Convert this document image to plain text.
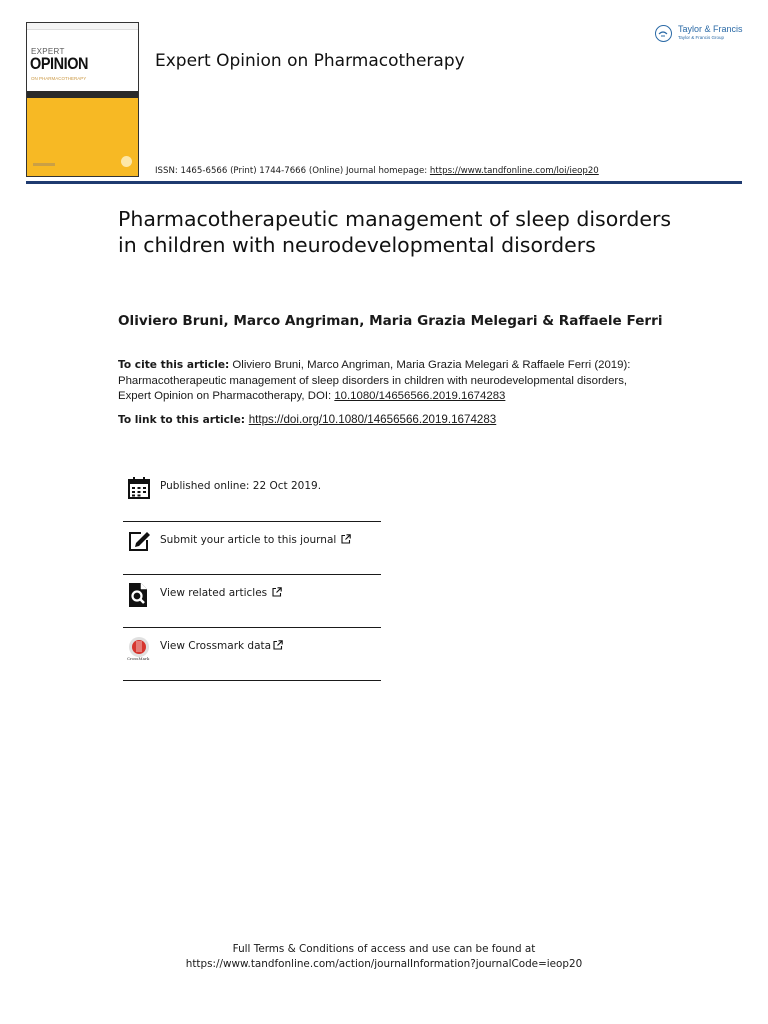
EXPERT
OPINION
ON PHARMACOTHERAPY
Expert Opinion on Pharmacotherapy
Taylor & Francis
Taylor & Francis Group
ISSN: 1465-6566 (Print) 1744-7666 (Online) Journal homepage: https://www.tandfonline.com/loi/ieop20
Pharmacotherapeutic management of sleep disorders in children with neurodevelopmental disorders
Oliviero Bruni, Marco Angriman, Maria Grazia Melegari & Raffaele Ferri
To cite this article: Oliviero Bruni, Marco Angriman, Maria Grazia Melegari & Raffaele Ferri (2019): Pharmacotherapeutic management of sleep disorders in children with neurodevelopmental disorders, Expert Opinion on Pharmacotherapy, DOI: 10.1080/14656566.2019.1674283
To link to this article: https://doi.org/10.1080/14656566.2019.1674283
Published online: 22 Oct 2019.
Submit your article to this journal
View related articles
CrossMark
View Crossmark data
Full Terms & Conditions of access and use can be found at
https://www.tandfonline.com/action/journalInformation?journalCode=ieop20
